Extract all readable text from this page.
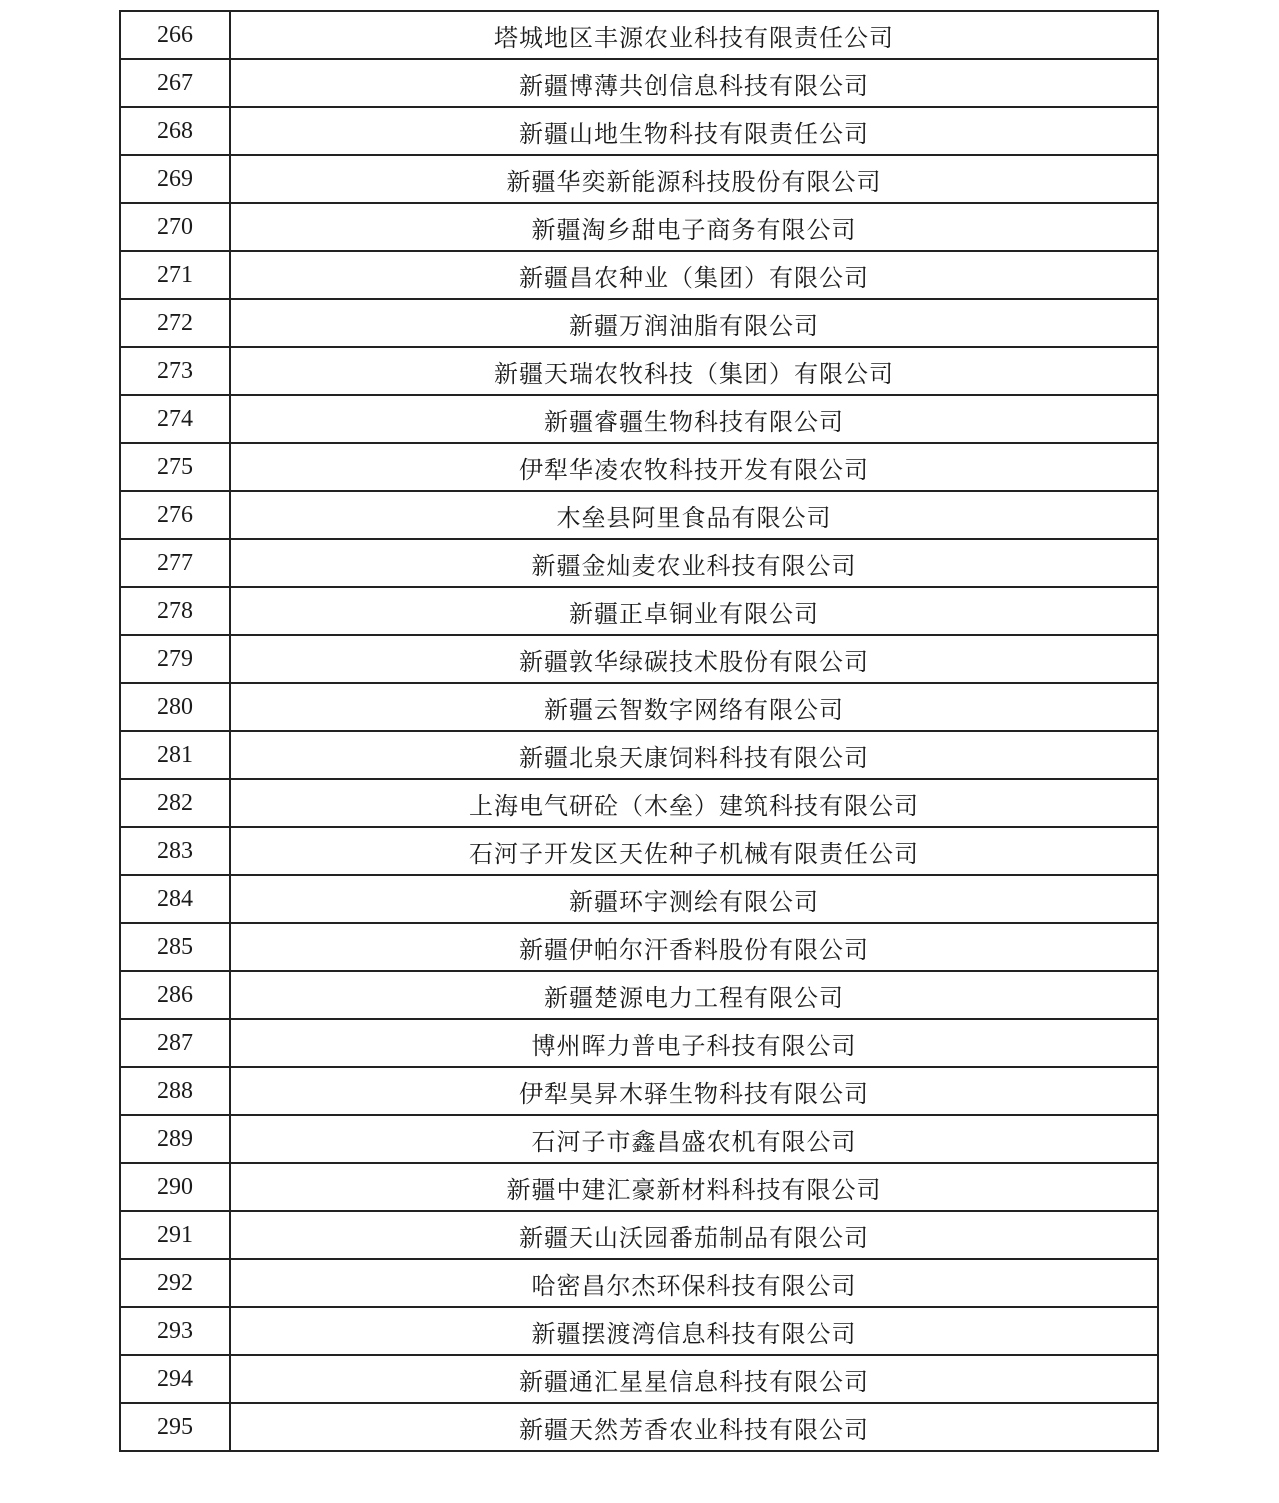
266	塔城地区丰源农业科技有限责任公司
267	新疆博薄共创信息科技有限公司
268	新疆山地生物科技有限责任公司
269	新疆华奕新能源科技股份有限公司
270	新疆淘乡甜电子商务有限公司
271	新疆昌农种业（集团）有限公司
272	新疆万润油脂有限公司
273	新疆天瑞农牧科技（集团）有限公司
274	新疆睿疆生物科技有限公司
275	伊犁华凌农牧科技开发有限公司
276	木垒县阿里食品有限公司
277	新疆金灿麦农业科技有限公司
278	新疆正卓铜业有限公司
279	新疆敦华绿碳技术股份有限公司
280	新疆云智数字网络有限公司
281	新疆北泉天康饲料科技有限公司
282	上海电气研砼（木垒）建筑科技有限公司
283	石河子开发区天佐种子机械有限责任公司
284	新疆环宇测绘有限公司
285	新疆伊帕尔汗香料股份有限公司
286	新疆楚源电力工程有限公司
287	博州晖力普电子科技有限公司
288	伊犁昊昇木驿生物科技有限公司
289	石河子市鑫昌盛农机有限公司
290	新疆中建汇豪新材料科技有限公司
291	新疆天山沃园番茄制品有限公司
292	哈密昌尔杰环保科技有限公司
293	新疆摆渡湾信息科技有限公司
294	新疆通汇星星信息科技有限公司
295	新疆天然芳香农业科技有限公司
